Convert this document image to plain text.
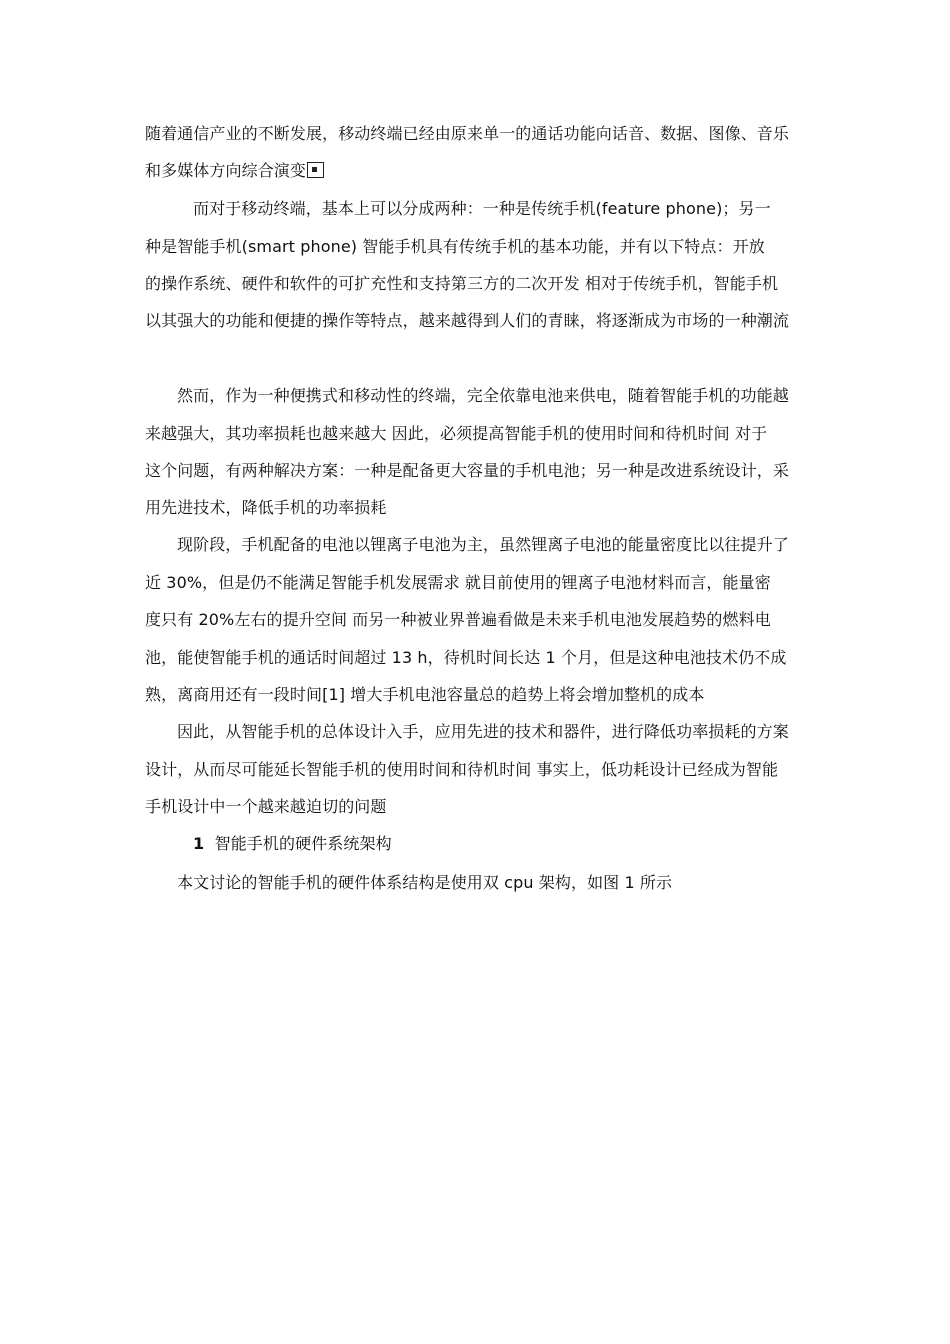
随着通信产业的不断发展，移动终端已经由原来单一的通话功能向话音、数据、图像、音乐
和多媒体方向综合演变
而对于移动终端，基本上可以分成两种：一种是传统手机(feature phone)；另一
种是智能手机(smart phone) 智能手机具有传统手机的基本功能，并有以下特点：开放
的操作系统、硬件和软件的可扩充性和支持第三方的二次开发 相对于传统手机，智能手机
以其强大的功能和便捷的操作等特点，越来越得到人们的青睐，将逐渐成为市场的一种潮流
然而，作为一种便携式和移动性的终端，完全依靠电池来供电，随着智能手机的功能越
来越强大，其功率损耗也越来越大 因此，必须提高智能手机的使用时间和待机时间 对于
这个问题，有两种解决方案：一种是配备更大容量的手机电池；另一种是改进系统设计，采
用先进技术，降低手机的功率损耗
现阶段，手机配备的电池以锂离子电池为主，虽然锂离子电池的能量密度比以往提升了
近 30%，但是仍不能满足智能手机发展需求 就目前使用的锂离子电池材料而言，能量密
度只有 20%左右的提升空间 而另一种被业界普遍看做是未来手机电池发展趋势的燃料电
池，能使智能手机的通话时间超过 13 h，待机时间长达 1 个月，但是这种电池技术仍不成
熟，离商用还有一段时间[1] 增大手机电池容量总的趋势上将会增加整机的成本
因此，从智能手机的总体设计入手，应用先进的技术和器件，进行降低功率损耗的方案
设计，从而尽可能延长智能手机的使用时间和待机时间 事实上，低功耗设计已经成为智能
手机设计中一个越来越迫切的问题
1 智能手机的硬件系统架构
本文讨论的智能手机的硬件体系结构是使用双 cpu 架构，如图 1 所示
